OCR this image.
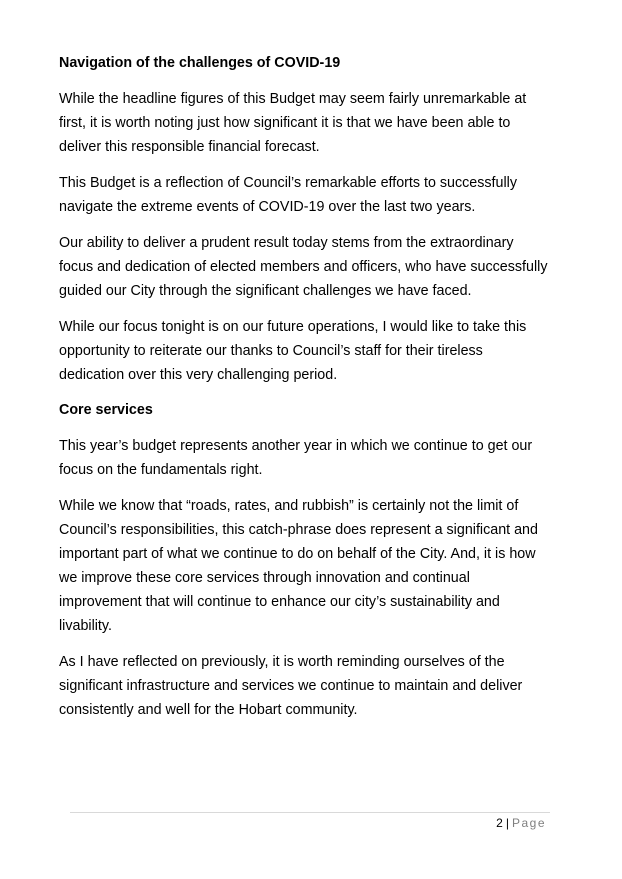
Navigation of the challenges of COVID-19

While the headline figures of this Budget may seem fairly unremarkable at
first, it is worth noting just how significant it is that we have been able to
deliver this responsible financial forecast.

This Budget is a reflection of Council’s remarkable efforts to successfully
navigate the extreme events of COVID-19 over the last two years.

Our ability to deliver a prudent result today stems from the extraordinary
focus and dedication of elected members and officers, who have successfully
guided our City through the significant challenges we have faced.

While our focus tonight is on our future operations, I would like to take this
opportunity to reiterate our thanks to Council’s staff for their tireless
dedication over this very challenging period.

Core services

This year’s budget represents another year in which we continue to get our
focus on the fundamentals right.

While we know that “roads, rates, and rubbish” is certainly not the limit of
Council’s responsibilities, this catch-phrase does represent a significant and
important part of what we continue to do on behalf of the City. And, it is how
we improve these core services through innovation and continual
improvement that will continue to enhance our city’s sustainability and
livability.

As I have reflected on previously, it is worth reminding ourselves of the
significant infrastructure and services we continue to maintain and deliver
consistently and well for the Hobart community.

2 | Page
